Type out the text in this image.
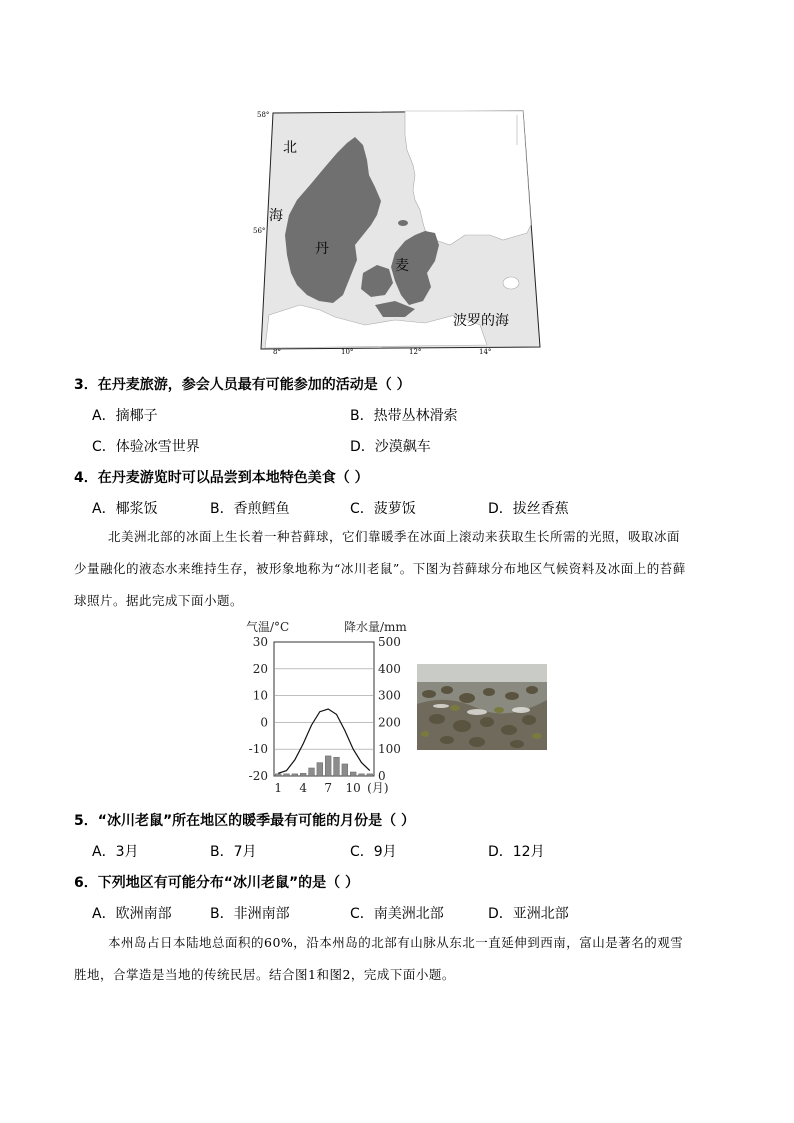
58°
56°
8°	10°	12°	14°
北
海
丹
麦
波罗的海
3．在丹麦旅游，参会人员最有可能参加的活动是（ ）
A．摘椰子	B．热带丛林滑索
C．体验冰雪世界	D．沙漠飙车
4．在丹麦游览时可以品尝到本地特色美食（ ）
A．椰浆饭	B．香煎鳕鱼	C．菠萝饭	D．拔丝香蕉
北美洲北部的冰面上生长着一种苔藓球，它们靠暖季在冰面上滚动来获取生长所需的光照，吸取冰面
少量融化的液态水来维持生存，被形象地称为“冰川老鼠”。下图为苔藓球分布地区气候资料及冰面上的苔藓
球照片。据此完成下面小题。
气温/°C	降水量/mm
30
20
10
0
-10
-20
500
400
300
200
100
0
1 4 7 10 (月)
5．“冰川老鼠”所在地区的暖季最有可能的月份是（ ）
A．3月	B．7月	C．9月	D．12月
6．下列地区有可能分布“冰川老鼠”的是（ ）
A．欧洲南部	B．非洲南部	C．南美洲北部	D．亚洲北部
本州岛占日本陆地总面积的60%，沿本州岛的北部有山脉从东北一直延伸到西南，富山是著名的观雪
胜地，合掌造是当地的传统民居。结合图1和图2，完成下面小题。
